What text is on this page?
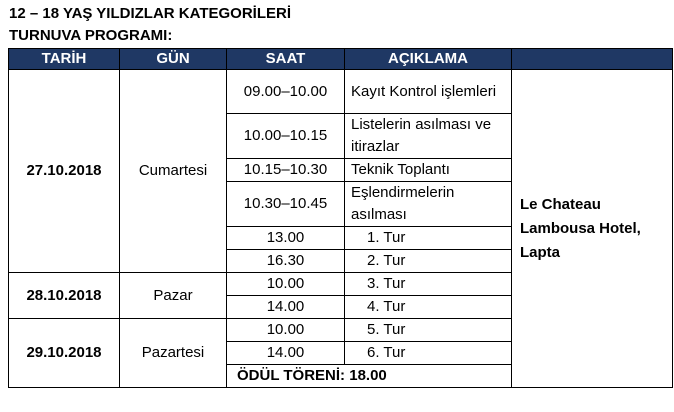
12 – 18 YAŞ YILDIZLAR KATEGORİLERİ
TURNUVA PROGRAMI:
TARİH	GÜN	SAAT	AÇIKLAMA	
27.10.2018	Cumartesi	09.00–10.00	Kayıt Kontrol işlemleri	Le Chateau Lambousa Hotel, Lapta
		10.00–10.15	Listelerin asılması ve itirazlar	
		10.15–10.30	Teknik Toplantı	
		10.30–10.45	Eşlendirmelerin asılması	
		13.00	1. Tur	
		16.30	2. Tur	
28.10.2018	Pazar	10.00	3. Tur	
		14.00	4. Tur	
29.10.2018	Pazartesi	10.00	5. Tur	
		14.00	6. Tur	
		ÖDÜL TÖRENİ: 18.00		
